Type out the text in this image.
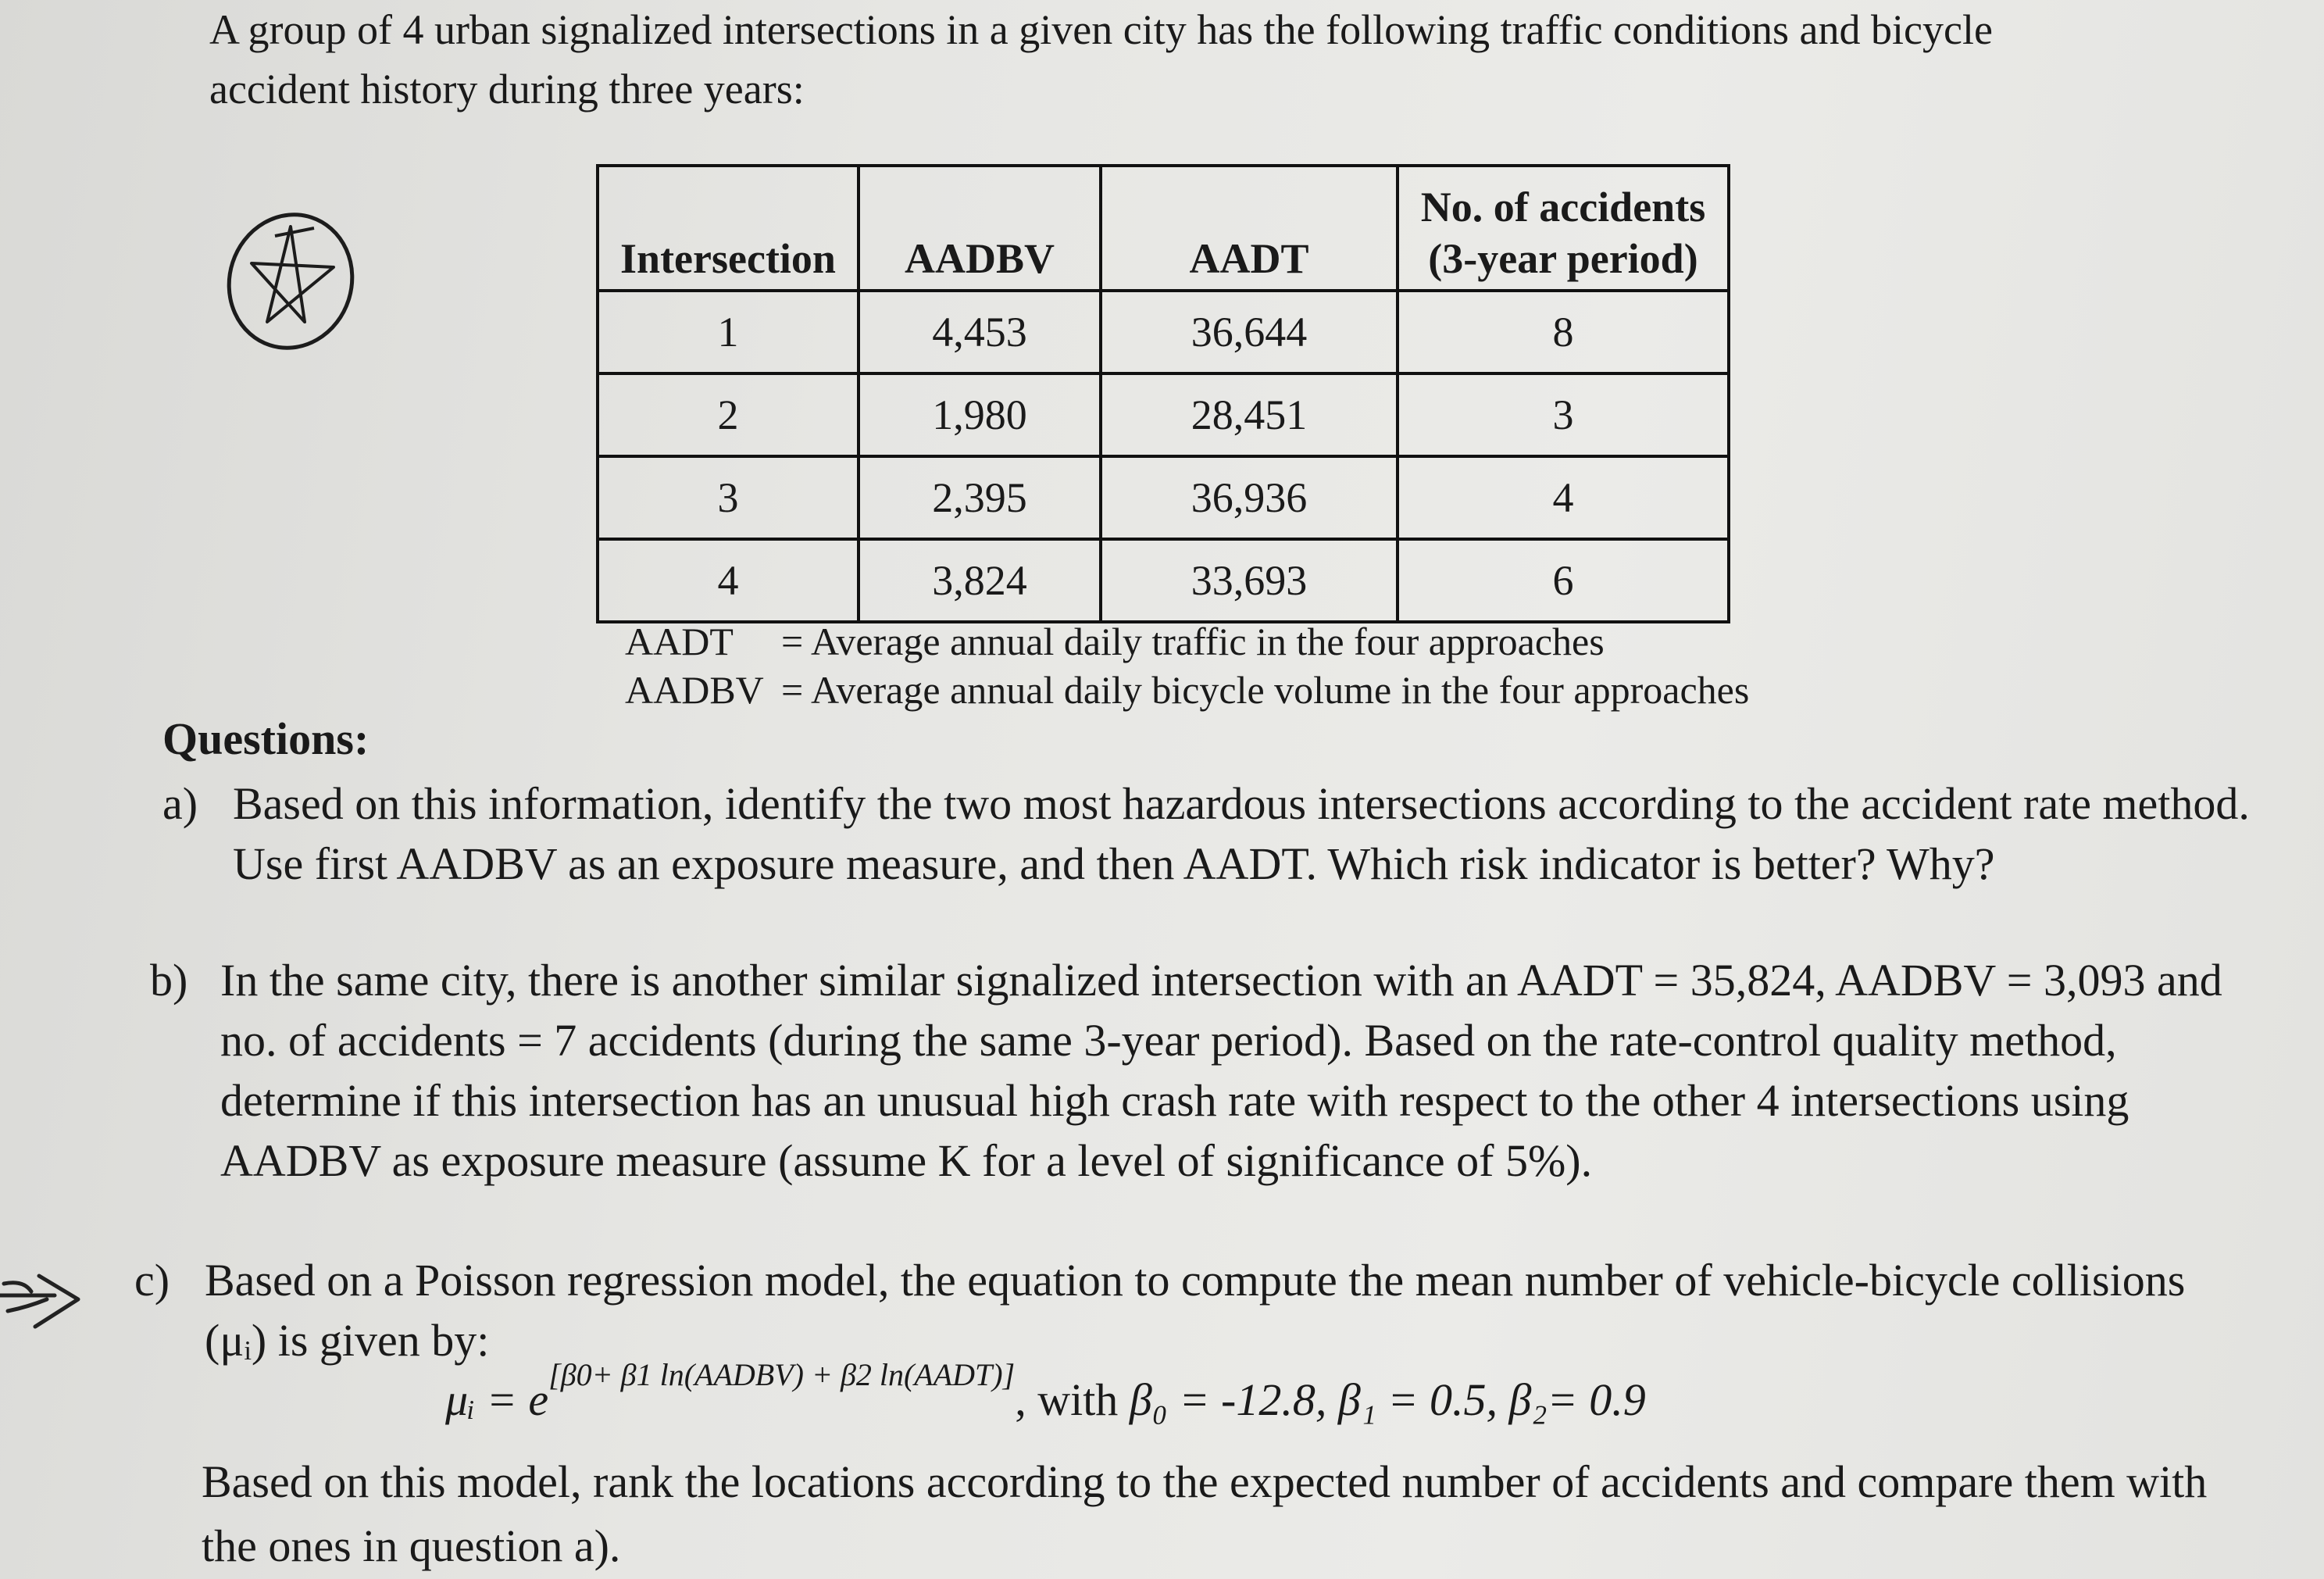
A group of 4 urban signalized intersections in a given city has the following traffic conditions and bicycle accident history during three years:
Intersection	AADBV	AADT	No. of accidents (3-year period)
1	4,453	36,644	8
2	1,980	28,451	3
3	2,395	36,936	4
4	3,824	33,693	6
AADT = Average annual daily traffic in the four approaches
AADBV = Average annual daily bicycle volume in the four approaches
Questions:
a) Based on this information, identify the two most hazardous intersections according to the accident rate method. Use first AADBV as an exposure measure, and then AADT. Which risk indicator is better? Why?
b) In the same city, there is another similar signalized intersection with an AADT = 35,824, AADBV = 3,093 and no. of accidents = 7 accidents (during the same 3-year period). Based on the rate-control quality method, determine if this intersection has an unusual high crash rate with respect to the other 4 intersections using AADBV as exposure measure (assume K for a level of significance of 5%).
c) Based on a Poisson regression model, the equation to compute the mean number of vehicle-bicycle collisions (μᵢ) is given by:
μᵢ = e[β0+ β1 ln(AADBV) + β2 ln(AADT)], with β₀ = -12.8, β₁ = 0.5, β₂= 0.9
Based on this model, rank the locations according to the expected number of accidents and compare them with the ones in question a).
